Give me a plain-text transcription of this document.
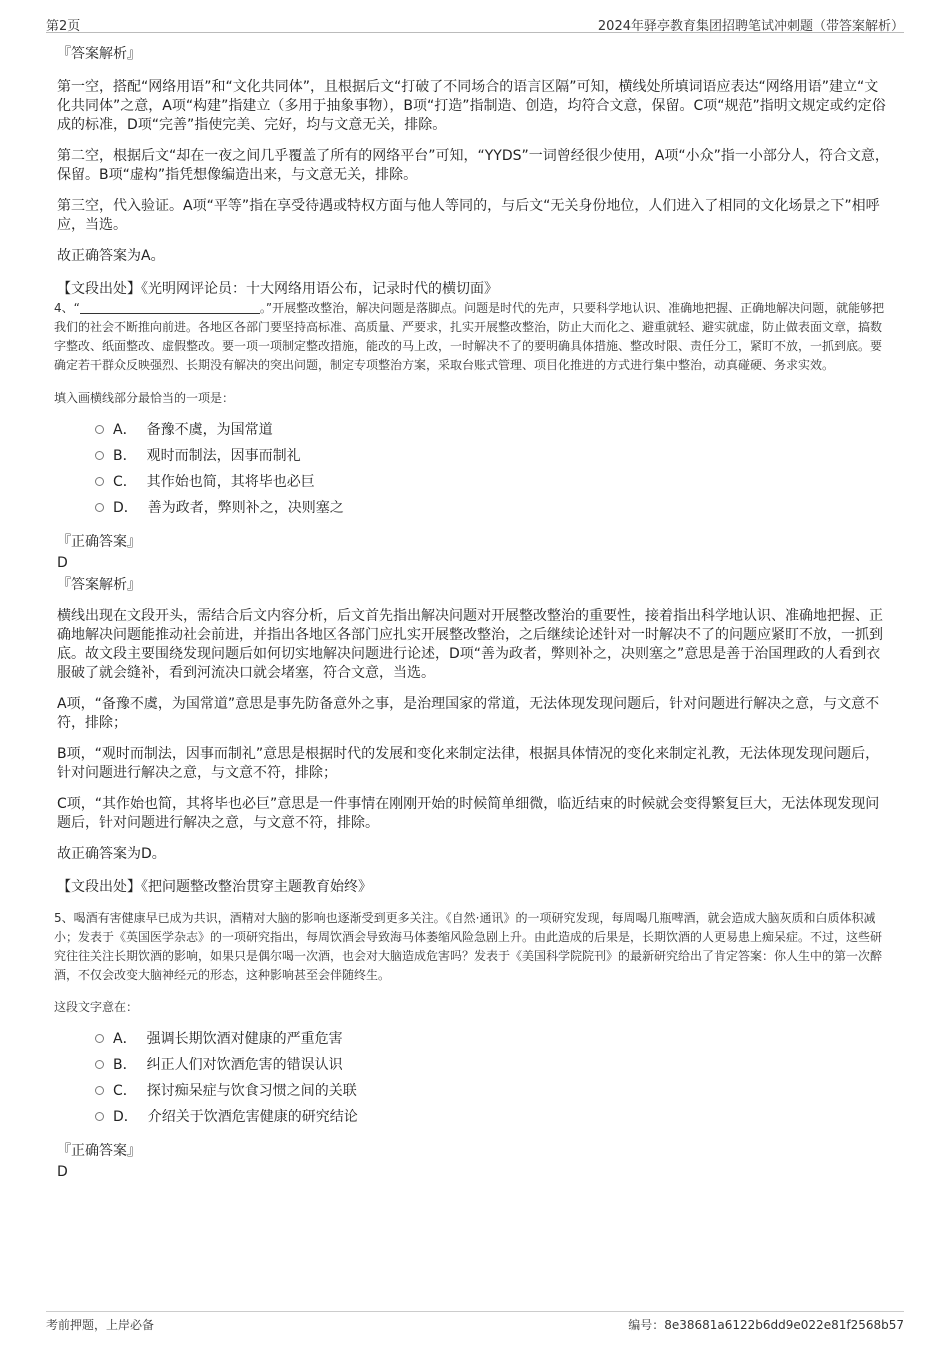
第2页	2024年驿亭教育集团招聘笔试冲刺题（带答案解析）
『答案解析』

第一空，搭配“网络用语”和“文化共同体”，且根据后文“打破了不同场合的语言区隔”可知，横线处所填词语应表达“网络用语”建立“文化共同体”之意，A项“构建”指建立（多用于抽象事物），B项“打造”指制造、创造，均符合文意，保留。C项“规范”指明文规定或约定俗成的标准，D项“完善”指使完美、完好，均与文意无关，排除。

第二空，根据后文“却在一夜之间几乎覆盖了所有的网络平台”可知，“YYDS”一词曾经很少使用，A项“小众”指一小部分人，符合文意，保留。B项“虚构”指凭想像编造出来，与文意无关，排除。

第三空，代入验证。A项“平等”指在享受待遇或特权方面与他人等同的，与后文“无关身份地位，人们进入了相同的文化场景之下”相呼应，当选。

故正确答案为A。

【文段出处】《光明网评论员：十大网络用语公布，记录时代的横切面》

4、“	。”开展整改整治，解决问题是落脚点。问题是时代的先声，只要科学地认识、准确地把握、正确地解决问题，就能够把我们的社会不断推向前进。各地区各部门要坚持高标准、高质量、严要求，扎实开展整改整治，防止大而化之、避重就轻、避实就虚，防止做表面文章，搞数字整改、纸面整改、虚假整改。要一项一项制定整改措施，能改的马上改，一时解决不了的要明确具体措施、整改时限、责任分工，紧盯不放，一抓到底。要确定若干群众反映强烈、长期没有解决的突出问题，制定专项整治方案，采取台账式管理、项目化推进的方式进行集中整治，动真碰硬、务求实效。

填入画横线部分最恰当的一项是：

A． 备豫不虞，为国常道
B． 观时而制法，因事而制礼
C． 其作始也简，其将毕也必巨
D． 善为政者，弊则补之，决则塞之
『正确答案』
D
『答案解析』

横线出现在文段开头，需结合后文内容分析，后文首先指出解决问题对开展整改整治的重要性，接着指出科学地认识、准确地把握、正确地解决问题能推动社会前进，并指出各地区各部门应扎实开展整改整治，之后继续论述针对一时解决不了的问题应紧盯不放，一抓到底。故文段主要围绕发现问题后如何切实地解决问题进行论述，D项“善为政者，弊则补之，决则塞之”意思是善于治国理政的人看到衣服破了就会缝补，看到河流决口就会堵塞，符合文意，当选。

A项，“备豫不虞，为国常道”意思是事先防备意外之事，是治理国家的常道，无法体现发现问题后，针对问题进行解决之意，与文意不符，排除；

B项，“观时而制法，因事而制礼”意思是根据时代的发展和变化来制定法律，根据具体情况的变化来制定礼教，无法体现发现问题后，针对问题进行解决之意，与文意不符，排除；

C项，“其作始也简，其将毕也必巨”意思是一件事情在刚刚开始的时候简单细微，临近结束的时候就会变得繁复巨大，无法体现发现问题后，针对问题进行解决之意，与文意不符，排除。

故正确答案为D。

【文段出处】《把问题整改整治贯穿主题教育始终》

5、喝酒有害健康早已成为共识，酒精对大脑的影响也逐渐受到更多关注。《自然·通讯》的一项研究发现，每周喝几瓶啤酒，就会造成大脑灰质和白质体积减小；发表于《英国医学杂志》的一项研究指出，每周饮酒会导致海马体萎缩风险急剧上升。由此造成的后果是，长期饮酒的人更易患上痴呆症。不过，这些研究往往关注长期饮酒的影响，如果只是偶尔喝一次酒，也会对大脑造成危害吗？发表于《美国科学院院刊》的最新研究给出了肯定答案：你人生中的第一次醉酒，不仅会改变大脑神经元的形态，这种影响甚至会伴随终生。

这段文字意在：

A． 强调长期饮酒对健康的严重危害
B． 纠正人们对饮酒危害的错误认识
C． 探讨痴呆症与饮食习惯之间的关联
D． 介绍关于饮酒危害健康的研究结论
『正确答案』
D
考前押题，上岸必备	编号：8e38681a6122b6dd9e022e81f2568b57
